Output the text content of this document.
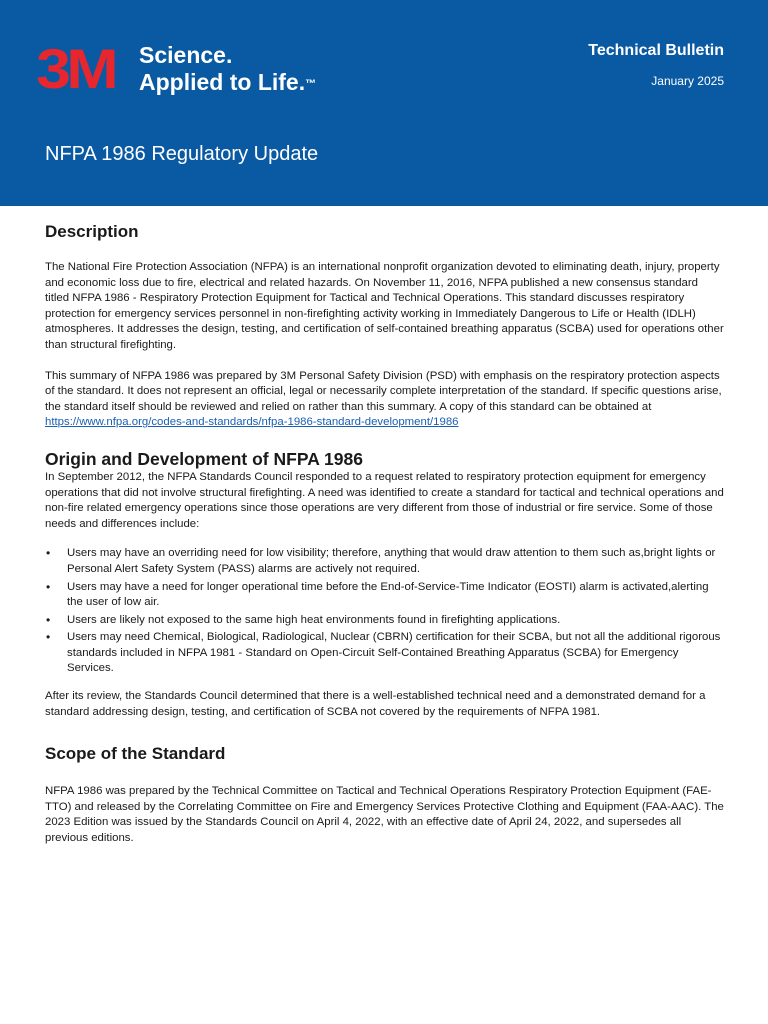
3M Science.
Applied to Life.™
Technical Bulletin
January 2025
NFPA 1986 Regulatory Update
Description

The National Fire Protection Association (NFPA) is an international nonprofit organization devoted to eliminating death, injury, property and economic loss due to fire, electrical and related hazards. On November 11, 2016, NFPA published a new consensus standard titled NFPA 1986 - Respiratory Protection Equipment for Tactical and Technical Operations. This standard discusses respiratory protection for emergency services personnel in non-firefighting activity working in Immediately Dangerous to Life or Health (IDLH) atmospheres. It addresses the design, testing, and certification of self-contained breathing apparatus (SCBA) used for operations other than structural firefighting.

This summary of NFPA 1986 was prepared by 3M Personal Safety Division (PSD) with emphasis on the respiratory protection aspects of the standard. It does not represent an official, legal or necessarily complete interpretation of the standard. If specific questions arise, the standard itself should be reviewed and relied on rather than this summary. A copy of this standard can be obtained at https://www.nfpa.org/codes-and-standards/nfpa-1986-standard-development/1986

Origin and Development of NFPA 1986

In September 2012, the NFPA Standards Council responded to a request related to respiratory protection equipment for emergency operations that did not involve structural firefighting. A need was identified to create a standard for tactical and technical operations and non-fire related emergency operations since those operations are very different from those of industrial or fire service. Some of those needs and differences include:

• Users may have an overriding need for low visibility; therefore, anything that would draw attention to them such as,bright lights or Personal Alert Safety System (PASS) alarms are actively not required.
• Users may have a need for longer operational time before the End-of-Service-Time Indicator (EOSTI) alarm is activated,alerting the user of low air.
• Users are likely not exposed to the same high heat environments found in firefighting applications.
• Users may need Chemical, Biological, Radiological, Nuclear (CBRN) certification for their SCBA, but not all the additional rigorous standards included in NFPA 1981 - Standard on Open-Circuit Self-Contained Breathing Apparatus (SCBA) for Emergency Services.

After its review, the Standards Council determined that there is a well-established technical need and a demonstrated demand for a standard addressing design, testing, and certification of SCBA not covered by the requirements of NFPA 1981.

Scope of the Standard

NFPA 1986 was prepared by the Technical Committee on Tactical and Technical Operations Respiratory Protection Equipment (FAE-TTO) and released by the Correlating Committee on Fire and Emergency Services Protective Clothing and Equipment (FAA-AAC). The 2023 Edition was issued by the Standards Council on April 4, 2022, with an effective date of April 24, 2022, and supersedes all previous editions.
